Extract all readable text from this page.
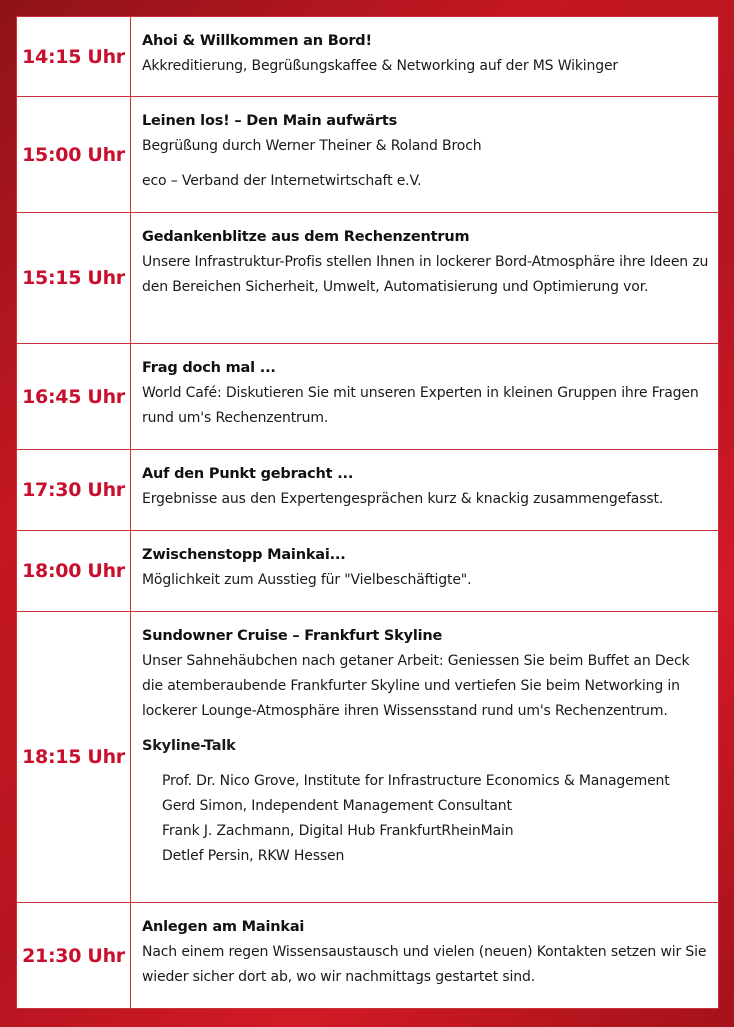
14:15 Uhr
Ahoi & Willkommen an Bord!
Akkreditierung, Begrüßungskaffee & Networking auf der MS Wikinger
15:00 Uhr
Leinen los! – Den Main aufwärts
Begrüßung durch Werner Theiner & Roland Broch
eco – Verband der Internetwirtschaft e.V.
15:15 Uhr
Gedankenblitze aus dem Rechenzentrum
Unsere Infrastruktur-Profis stellen Ihnen in lockerer Bord-Atmosphäre ihre Ideen zu den Bereichen Sicherheit, Umwelt, Automatisierung und Optimierung vor.
16:45 Uhr
Frag doch mal ...
World Café: Diskutieren Sie mit unseren Experten in kleinen Gruppen ihre Fragen rund um's Rechenzentrum.
17:30 Uhr
Auf den Punkt gebracht ...
Ergebnisse aus den Expertengesprächen kurz & knackig zusammengefasst.
18:00 Uhr
Zwischenstopp Mainkai...
Möglichkeit zum Ausstieg für "Vielbeschäftigte".
18:15 Uhr
Sundowner Cruise – Frankfurt Skyline
Unser Sahnehäubchen nach getaner Arbeit: Geniessen Sie beim Buffet an Deck die atemberaubende Frankfurter Skyline und vertiefen Sie beim Networking in lockerer Lounge-Atmosphäre ihren Wissensstand rund um's Rechenzentrum.
Skyline-Talk
Prof. Dr. Nico Grove, Institute for Infrastructure Economics & Management
Gerd Simon, Independent Management Consultant
Frank J. Zachmann, Digital Hub FrankfurtRheinMain
Detlef Persin, RKW Hessen
21:30 Uhr
Anlegen am Mainkai
Nach einem regen Wissensaustausch und vielen (neuen) Kontakten setzen wir Sie wieder sicher dort ab, wo wir nachmittags gestartet sind.
